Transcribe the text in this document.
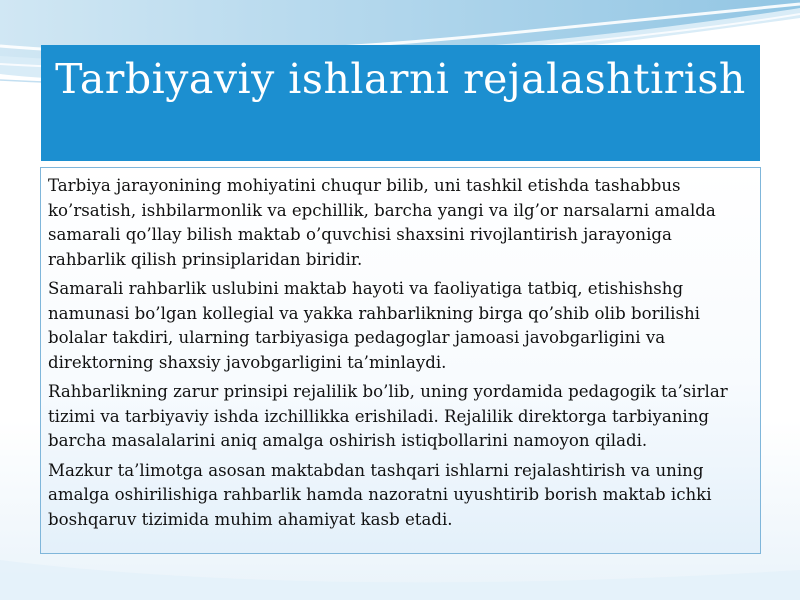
Tarbiyaviy ishlarni rejalashtirish

Tarbiya jarayonining mohiyatini chuqur bilib, uni tashkil etishda tashabbus ko’rsatish, ishbilarmonlik va epchillik, barcha yangi va ilg’or narsalarni amalda samarali qo’llay bilish maktab o’quvchisi shaxsini rivojlantirish jarayoniga rahbarlik qilish prinsiplaridan biridir.

Samarali rahbarlik uslubini maktab hayoti va faoliyatiga tatbiq, etishishshg namunasi bo’lgan kollegial va yakka rahbarlikning birga qo’shib olib borilishi bolalar takdiri, ularning tarbiyasiga pedagoglar jamoasi javobgarligini va direktorning shaxsiy javobgarligini ta’minlaydi.

Rahbarlikning zarur prinsipi rejalilik bo’lib, uning yordamida pedagogik ta’sirlar tizimi va tarbiyaviy ishda izchillikka erishiladi. Rejalilik direktorga tarbiyaning barcha masalalarini aniq amalga oshirish istiqbollarini namoyon qiladi.

Mazkur ta’limotga asosan maktabdan tashqari ishlarni rejalashtirish va uning amalga oshirilishiga rahbarlik hamda nazoratni uyushtirib borish maktab ichki boshqaruv tizimida muhim ahamiyat kasb etadi.
